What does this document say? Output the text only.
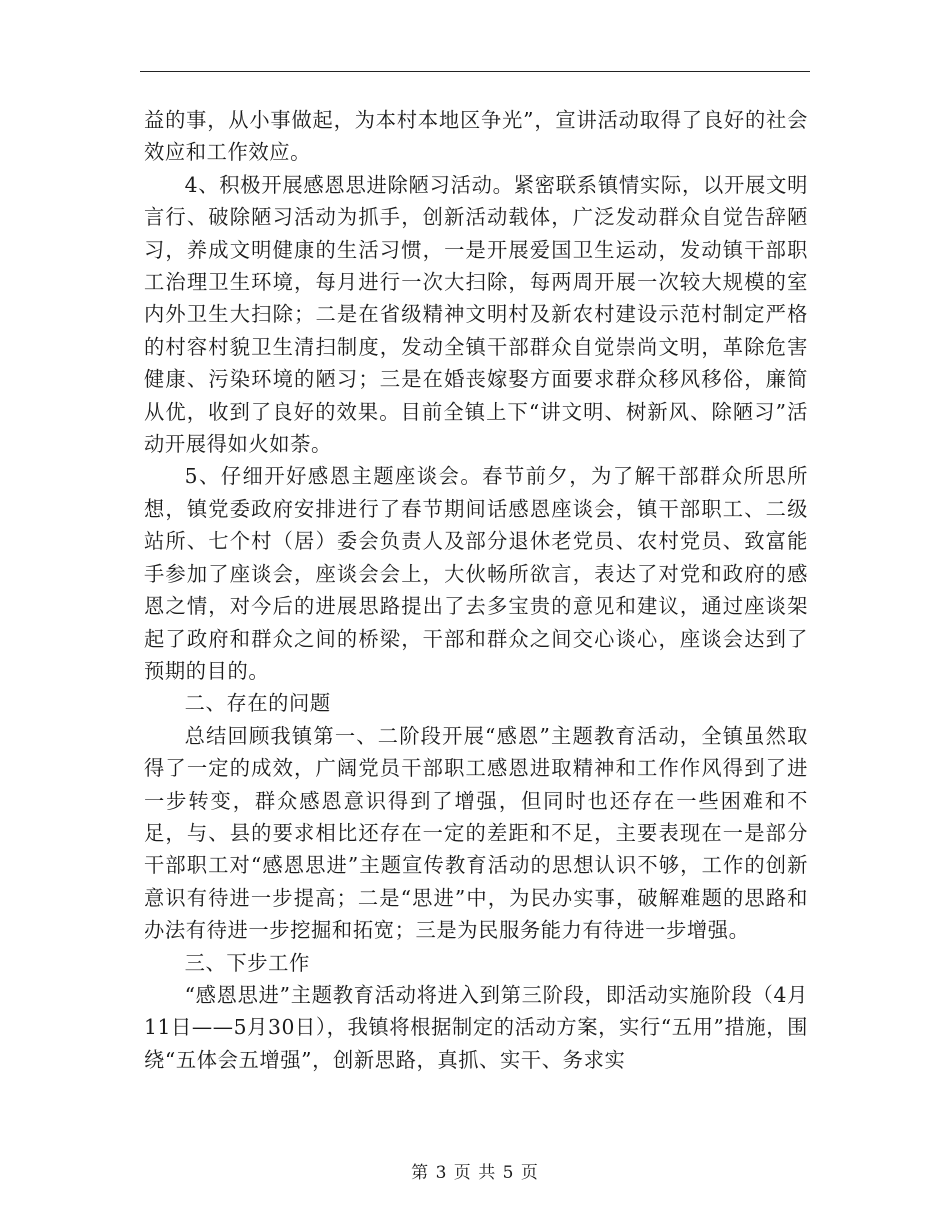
益的事，从小事做起，为本村本地区争光”，宣讲活动取得了良好的社会效应和工作效应。

4、积极开展感恩思进除陋习活动。紧密联系镇情实际，以开展文明言行、破除陋习活动为抓手，创新活动载体，广泛发动群众自觉告辞陋习，养成文明健康的生活习惯，一是开展爱国卫生运动，发动镇干部职工治理卫生环境，每月进行一次大扫除，每两周开展一次较大规模的室内外卫生大扫除；二是在省级精神文明村及新农村建设示范村制定严格的村容村貌卫生清扫制度，发动全镇干部群众自觉崇尚文明，革除危害健康、污染环境的陋习；三是在婚丧嫁娶方面要求群众移风移俗，廉简从优，收到了良好的效果。目前全镇上下“讲文明、树新风、除陋习”活动开展得如火如荼。

5、仔细开好感恩主题座谈会。春节前夕，为了解干部群众所思所想，镇党委政府安排进行了春节期间话感恩座谈会，镇干部职工、二级站所、七个村（居）委会负责人及部分退休老党员、农村党员、致富能手参加了座谈会，座谈会会上，大伙畅所欲言，表达了对党和政府的感恩之情，对今后的进展思路提出了去多宝贵的意见和建议，通过座谈架起了政府和群众之间的桥梁，干部和群众之间交心谈心，座谈会达到了预期的目的。

二、存在的问题

总结回顾我镇第一、二阶段开展“感恩”主题教育活动，全镇虽然取得了一定的成效，广阔党员干部职工感恩进取精神和工作作风得到了进一步转变，群众感恩意识得到了增强，但同时也还存在一些困难和不足，与、县的要求相比还存在一定的差距和不足，主要表现在一是部分干部职工对“感恩思进”主题宣传教育活动的思想认识不够，工作的创新意识有待进一步提高；二是“思进”中，为民办实事，破解难题的思路和办法有待进一步挖掘和拓宽；三是为民服务能力有待进一步增强。

三、下步工作

“感恩思进”主题教育活动将进入到第三阶段，即活动实施阶段（4月11日——5月30日），我镇将根据制定的活动方案，实行“五用”措施，围绕“五体会五增强”，创新思路，真抓、实干、务求实

第 3 页 共 5 页
